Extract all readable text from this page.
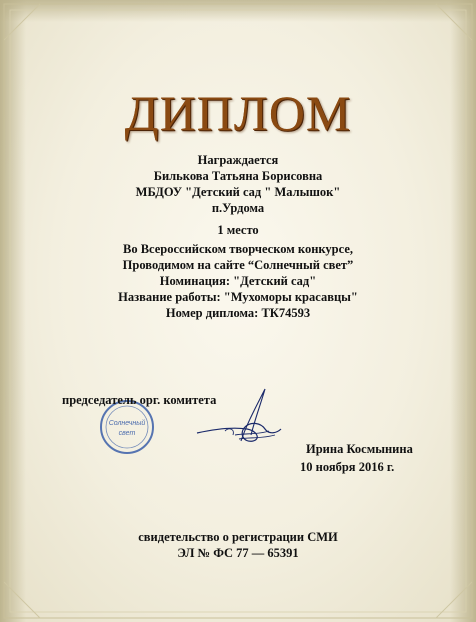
ДИПЛОМ
Награждается
Билькова Татьяна Борисовна
МБДОУ "Детский сад " Малышок"
п.Урдома
1 место
Во Всероссийском творческом конкурсе,
Проводимом на сайте “Солнечный свет”
Номинация: "Детский сад"
Название работы: "Мухоморы красавцы"
Номер диплома: ТК74593
Солнечный
свет
председатель орг. комитета
Ирина Космынина
10 ноября 2016 г.
свидетельство о регистрации СМИ
ЭЛ № ФС 77 — 65391
